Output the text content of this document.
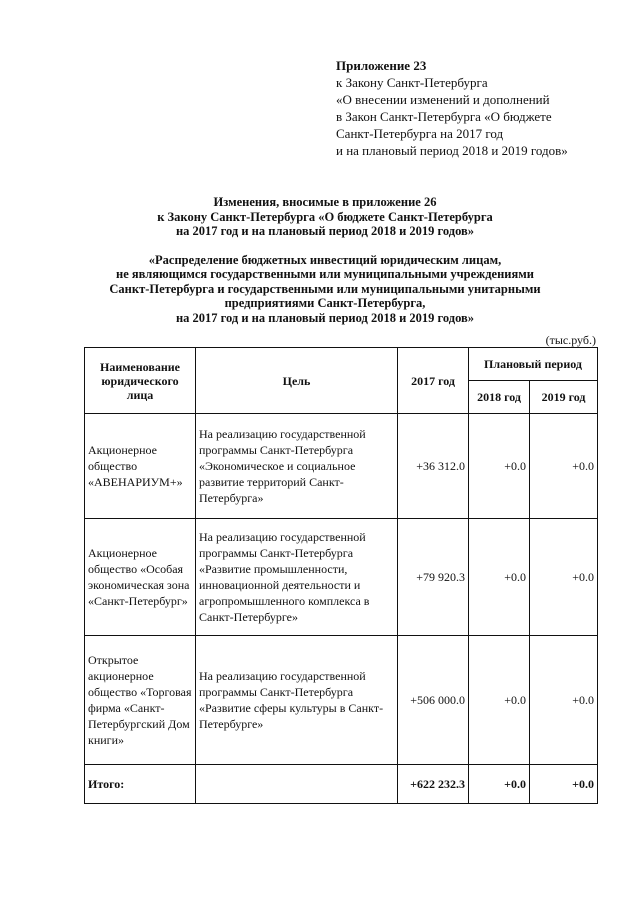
Приложение 23
к Закону Санкт-Петербурга
«О внесении изменений и дополнений
в Закон Санкт-Петербурга «О бюджете
Санкт-Петербурга на 2017 год
и на плановый период 2018 и 2019 годов»
Изменения, вносимые в приложение 26
к Закону Санкт-Петербурга «О бюджете Санкт-Петербурга
на 2017 год и на плановый период 2018 и 2019 годов»
«Распределение бюджетных инвестиций юридическим лицам,
не являющимся государственными или муниципальными учреждениями
Санкт-Петербурга и государственными или муниципальными унитарными
предприятиями Санкт-Петербурга,
на 2017 год и на плановый период 2018 и 2019 годов»
(тыс.руб.)
Наименование юридического лица	Цель	2017 год	Плановый период	
			2018 год	2019 год
Акционерное общество «АВЕНАРИУМ+»	На реализацию государственной программы Санкт-Петербурга «Экономическое и социальное развитие территорий Санкт-Петербурга»	+36 312.0	+0.0	+0.0
Акционерное общество «Особая экономическая зона «Санкт-Петербург»	На реализацию государственной программы Санкт-Петербурга «Развитие промышленности, инновационной деятельности и агропромышленного комплекса в Санкт-Петербурге»	+79 920.3	+0.0	+0.0
Открытое акционерное общество «Торговая фирма «Санкт-Петербургский Дом книги»	На реализацию государственной программы Санкт-Петербурга «Развитие сферы культуры в Санкт-Петербурге»	+506 000.0	+0.0	+0.0
Итого:		+622 232.3	+0.0	+0.0
